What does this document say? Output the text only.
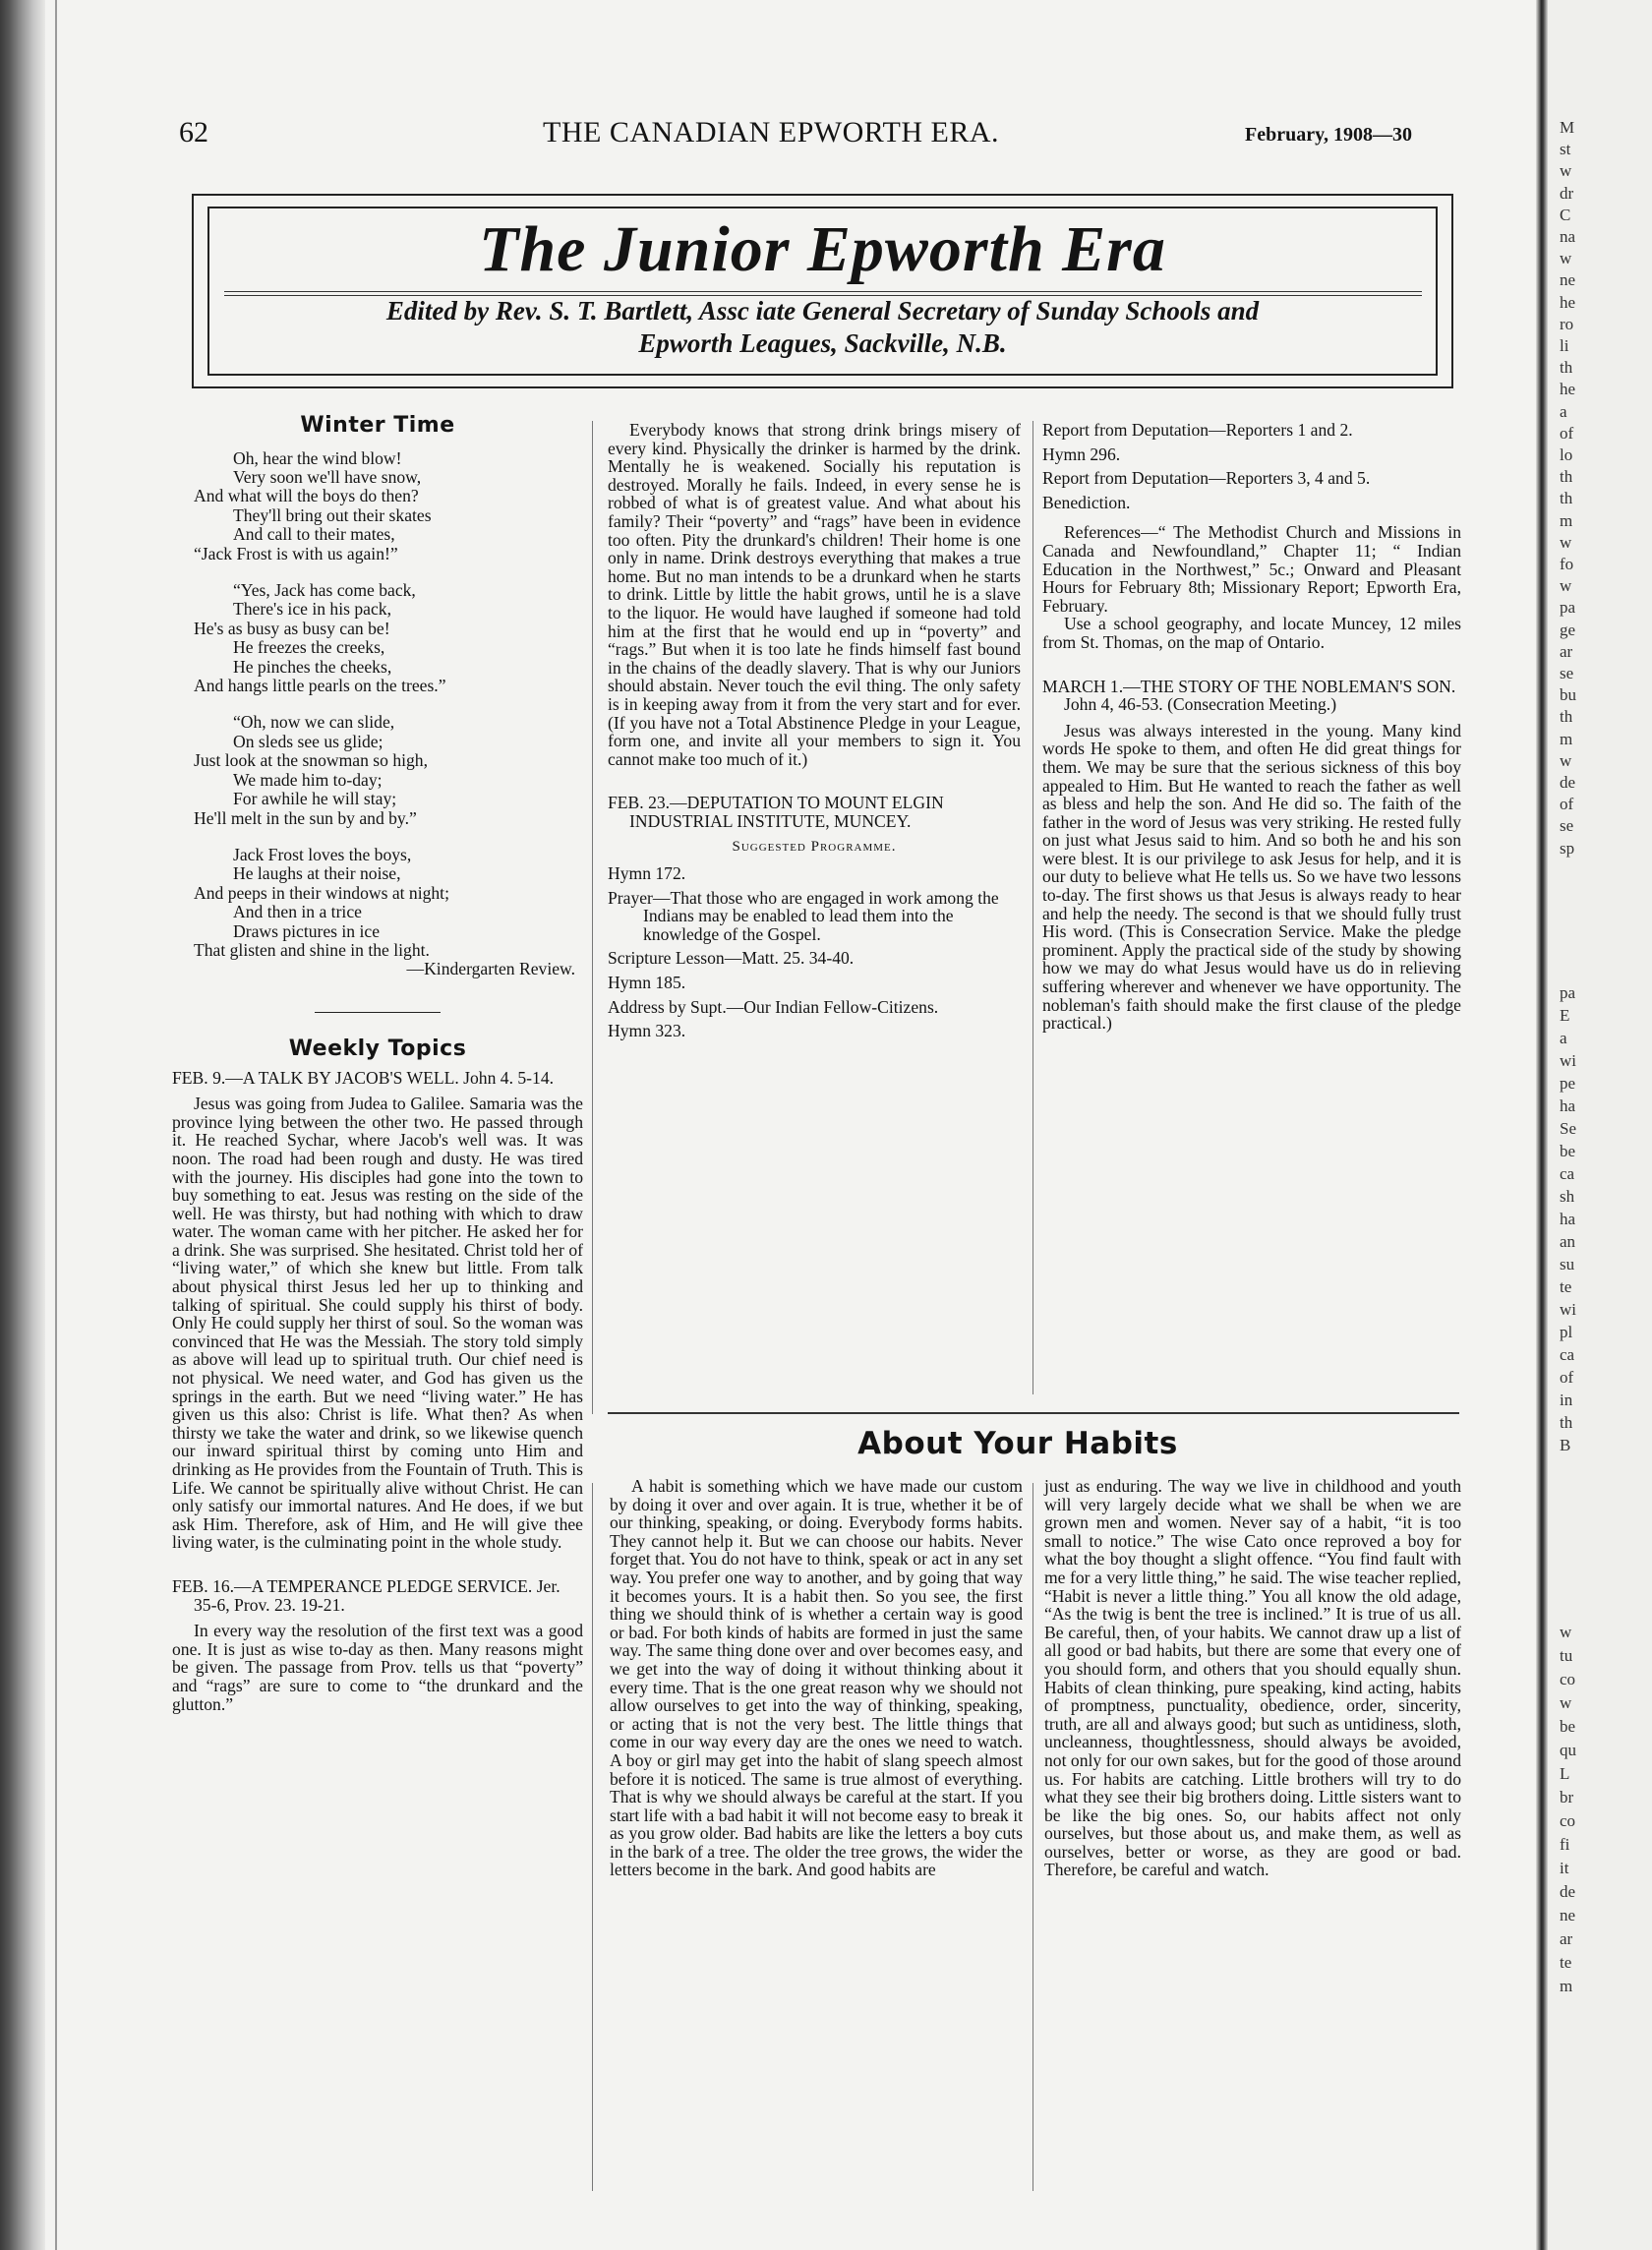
62	THE CANADIAN EPWORTH ERA.	February, 1908—30
The Junior Epworth Era
Edited by Rev. S. T. Bartlett, Assc iate General Secretary of Sunday Schools and
Epworth Leagues, Sackville, N.B.

Winter Time

Oh, hear the wind blow!
Very soon we'll have snow,
And what will the boys do then?
They'll bring out their skates
And call to their mates,
“Jack Frost is with us again!”
“Yes, Jack has come back,
There's ice in his pack,
He's as busy as busy can be!
He freezes the creeks,
He pinches the cheeks,
And hangs little pearls on the trees.”
“Oh, now we can slide,
On sleds see us glide;
Just look at the snowman so high,
We made him to-day;
For awhile he will stay;
He'll melt in the sun by and by.”
Jack Frost loves the boys,
He laughs at their noise,
And peeps in their windows at night;
And then in a trice
Draws pictures in ice
That glisten and shine in the light.
—Kindergarten Review.

Weekly Topics

FEB. 9.—A TALK BY JACOB'S WELL. John 4. 5-14.

Jesus was going from Judea to Galilee. Samaria was the province lying between the other two. He passed through it. He reached Sychar, where Jacob's well was. It was noon. The road had been rough and dusty. He was tired with the journey. His disciples had gone into the town to buy something to eat. Jesus was resting on the side of the well. He was thirsty, but had nothing with which to draw water. The woman came with her pitcher. He asked her for a drink. She was surprised. She hesitated. Christ told her of “living water,” of which she knew but little. From talk about physical thirst Jesus led her up to thinking and talking of spiritual. She could supply his thirst of body. Only He could supply her thirst of soul. So the woman was convinced that He was the Messiah. The story told simply as above will lead up to spiritual truth. Our chief need is not physical. We need water, and God has given us the springs in the earth. But we need “living water.” He has given us this also: Christ is life. What then? As when thirsty we take the water and drink, so we likewise quench our inward spiritual thirst by coming unto Him and drinking as He provides from the Fountain of Truth. This is Life. We cannot be spiritually alive without Christ. He can only satisfy our immortal natures. And He does, if we but ask Him. Therefore, ask of Him, and He will give thee living water, is the culminating point in the whole study.

FEB. 16.—A TEMPERANCE PLEDGE SERVICE. Jer. 35-6, Prov. 23. 19-21.

In every way the resolution of the first text was a good one. It is just as wise to-day as then. Many reasons might be given. The passage from Prov. tells us that “poverty” and “rags” are sure to come to “the drunkard and the glutton.”

Everybody knows that strong drink brings misery of every kind. Physically the drinker is harmed by the drink. Mentally he is weakened. Socially his reputation is destroyed. Morally he fails. Indeed, in every sense he is robbed of what is of greatest value. And what about his family? Their “poverty” and “rags” have been in evidence too often. Pity the drunkard's children! Their home is one only in name. Drink destroys everything that makes a true home. But no man intends to be a drunkard when he starts to drink. Little by little the habit grows, until he is a slave to the liquor. He would have laughed if someone had told him at the first that he would end up in “poverty” and “rags.” But when it is too late he finds himself fast bound in the chains of the deadly slavery. That is why our Juniors should abstain. Never touch the evil thing. The only safety is in keeping away from it from the very start and for ever. (If you have not a Total Abstinence Pledge in your League, form one, and invite all your members to sign it. You cannot make too much of it.)

FEB. 23.—DEPUTATION TO MOUNT ELGIN INDUSTRIAL INSTITUTE, MUNCEY.

Suggested Programme.

Hymn 172.

Prayer—That those who are engaged in work among the Indians may be enabled to lead them into the knowledge of the Gospel.

Scripture Lesson—Matt. 25. 34-40.

Hymn 185.

Address by Supt.—Our Indian Fellow-Citizens.

Hymn 323.

Report from Deputation—Reporters 1 and 2.

Hymn 296.

Report from Deputation—Reporters 3, 4 and 5.

Benediction.

References—“ The Methodist Church and Missions in Canada and Newfoundland,” Chapter 11; “ Indian Education in the Northwest,” 5c.; Onward and Pleasant Hours for February 8th; Missionary Report; Epworth Era, February.

Use a school geography, and locate Muncey, 12 miles from St. Thomas, on the map of Ontario.

MARCH 1.—THE STORY OF THE NOBLEMAN'S SON. John 4, 46-53. (Consecration Meeting.)

Jesus was always interested in the young. Many kind words He spoke to them, and often He did great things for them. We may be sure that the serious sickness of this boy appealed to Him. But He wanted to reach the father as well as bless and help the son. And He did so. The faith of the father in the word of Jesus was very striking. He rested fully on just what Jesus said to him. And so both he and his son were blest. It is our privilege to ask Jesus for help, and it is our duty to believe what He tells us. So we have two lessons to-day. The first shows us that Jesus is always ready to hear and help the needy. The second is that we should fully trust His word. (This is Consecration Service. Make the pledge prominent. Apply the practical side of the study by showing how we may do what Jesus would have us do in relieving suffering wherever and whenever we have opportunity. The nobleman's faith should make the first clause of the pledge practical.)

About Your Habits

A habit is something which we have made our custom by doing it over and over again. It is true, whether it be of our thinking, speaking, or doing. Everybody forms habits. They cannot help it. But we can choose our habits. Never forget that. You do not have to think, speak or act in any set way. You prefer one way to another, and by going that way it becomes yours. It is a habit then. So you see, the first thing we should think of is whether a certain way is good or bad. For both kinds of habits are formed in just the same way. The same thing done over and over becomes easy, and we get into the way of doing it without thinking about it every time. That is the one great reason why we should not allow ourselves to get into the way of thinking, speaking, or acting that is not the very best. The little things that come in our way every day are the ones we need to watch. A boy or girl may get into the habit of slang speech almost before it is noticed. The same is true almost of everything. That is why we should always be careful at the start. If you start life with a bad habit it will not become easy to break it as you grow older. Bad habits are like the letters a boy cuts in the bark of a tree. The older the tree grows, the wider the letters become in the bark. And good habits are

just as enduring. The way we live in childhood and youth will very largely decide what we shall be when we are grown men and women. Never say of a habit, “it is too small to notice.” The wise Cato once reproved a boy for what the boy thought a slight offence. “You find fault with me for a very little thing,” he said. The wise teacher replied, “Habit is never a little thing.” You all know the old adage, “As the twig is bent the tree is inclined.” It is true of us all. Be careful, then, of your habits. We cannot draw up a list of all good or bad habits, but there are some that every one of you should form, and others that you should equally shun. Habits of clean thinking, pure speaking, kind acting, habits of promptness, punctuality, obedience, order, sincerity, truth, are all and always good; but such as untidiness, sloth, uncleanness, thoughtlessness, should always be avoided, not only for our own sakes, but for the good of those around us. For habits are catching. Little brothers will try to do what they see their big brothers doing. Little sisters want to be like the big ones. So, our habits affect not only ourselves, but those about us, and make them, as well as ourselves, better or worse, as they are good or bad. Therefore, be careful and watch.

M
st
w
dr
C
na
w
ne
he
ro
li
th
he
a
of
lo
th
th
m
w
fo
w
pa
ge
ar
se
bu
th
m
w
de
of
se
sp
pa
E
a
wi
pe
ha
Se
be
ca
sh
ha
an
su
te
wi
pl
ca
of
in
th
B
w
tu
co
w
be
qu
L
br
co
fi
it
de
ne
ar
te
m
